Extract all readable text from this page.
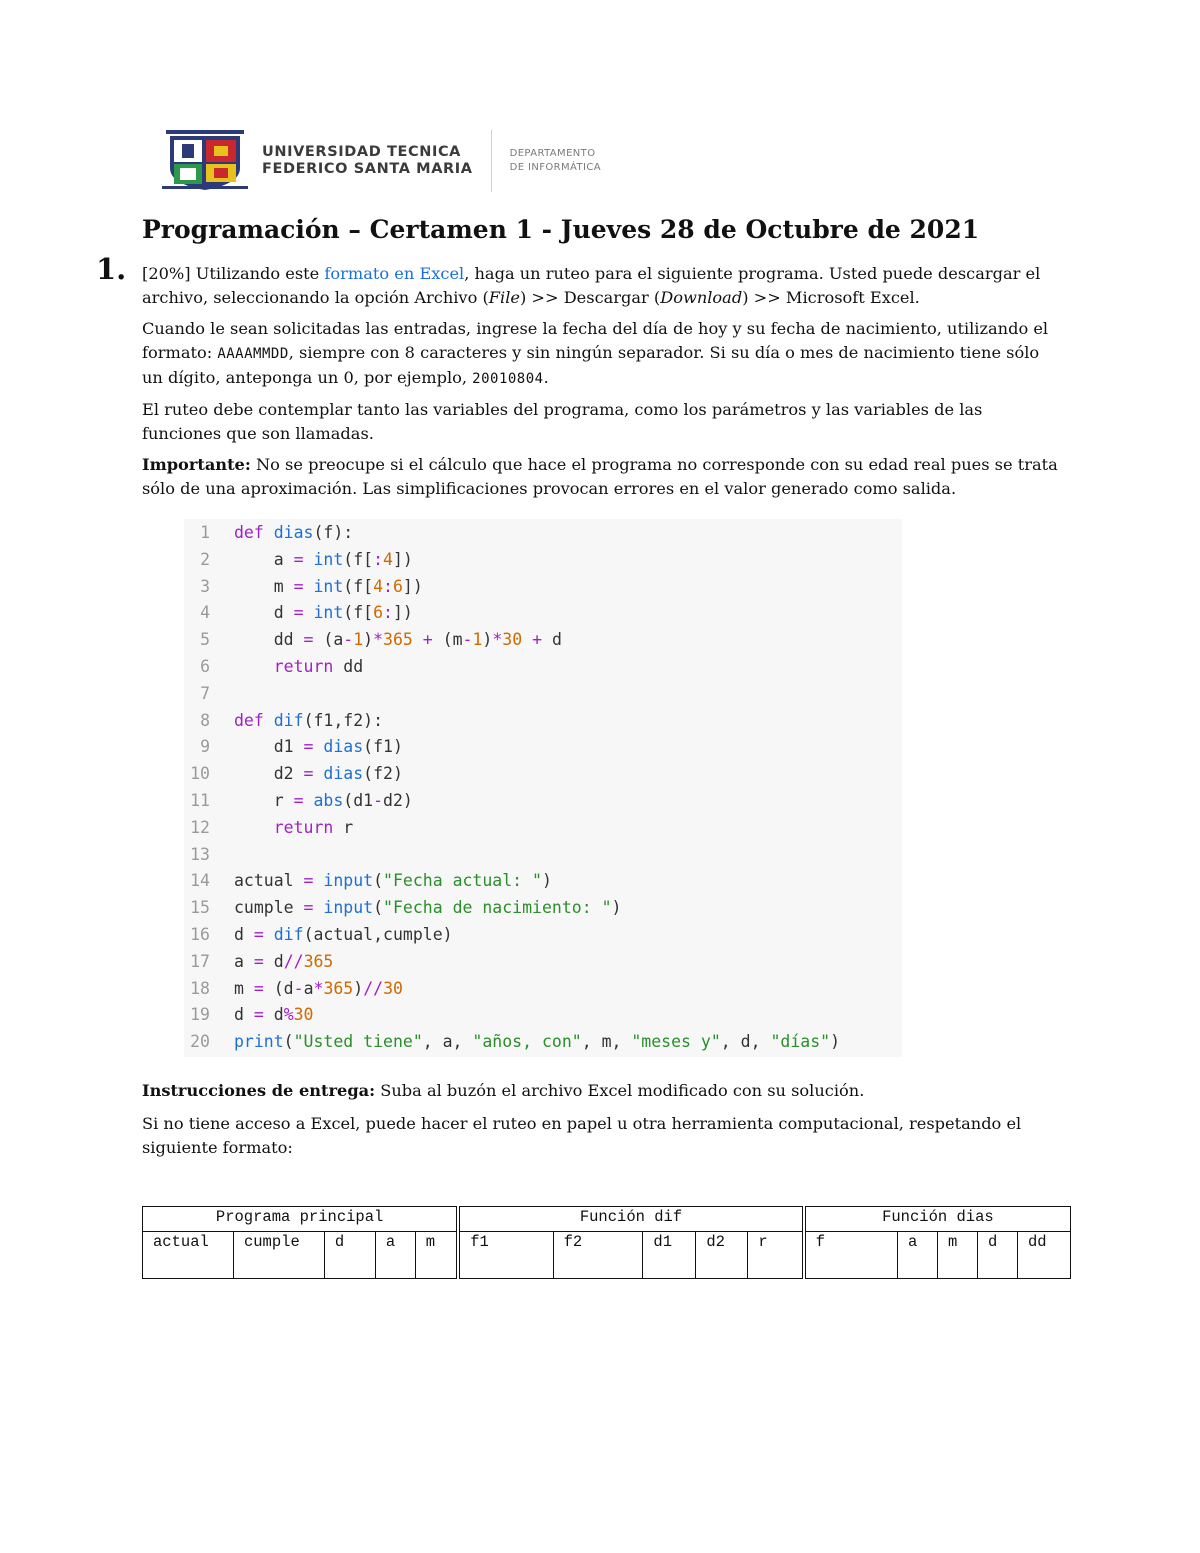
UNIVERSIDAD TECNICA
FEDERICO SANTA MARIA
DEPARTAMENTO
DE INFORMÁTICA
Programación – Certamen 1 - Jueves 28 de Octubre de 2021
1. [20%] Utilizando este formato en Excel, haga un ruteo para el siguiente programa. Usted puede descargar el archivo, seleccionando la opción Archivo (File) >> Descargar (Download) >> Microsoft Excel.

Cuando le sean solicitadas las entradas, ingrese la fecha del día de hoy y su fecha de nacimiento, utilizando el formato: AAAAMMDD, siempre con 8 caracteres y sin ningún separador. Si su día o mes de nacimiento tiene sólo un dígito, anteponga un 0, por ejemplo, 20010804.

El ruteo debe contemplar tanto las variables del programa, como los parámetros y las variables de las funciones que son llamadas.

Importante: No se preocupe si el cálculo que hace el programa no corresponde con su edad real pues se trata sólo de una aproximación. Las simplificaciones provocan errores en el valor generado como salida.

1 def dias(f):
2 a = int(f[:4])
3 m = int(f[4:6])
4 d = int(f[6:])
5 dd = (a-1)*365 + (m-1)*30 + d
6	return dd
7
8 def dif(f1,f2):
9 d1 = dias(f1)
10 d2 = dias(f2)
11 r = abs(d1-d2)
12	return r
13
14 actual = input("Fecha actual: ")
15 cumple = input("Fecha de nacimiento: ")
16 d = dif(actual,cumple)
17 a = d//365
18 m = (d-a*365)//30
19 d = d%30
20 print("Usted tiene", a, "años, con", m, "meses y", d, "días")

Instrucciones de entrega: Suba al buzón el archivo Excel modificado con su solución.

Si no tiene acceso a Excel, puede hacer el ruteo en papel u otra herramienta computacional, respetando el siguiente formato:

Programa principal					Función dif					Función dias				
actual	cumple	d	a	m	f1	f2	d1	d2	r	f	a	m	d	dd
